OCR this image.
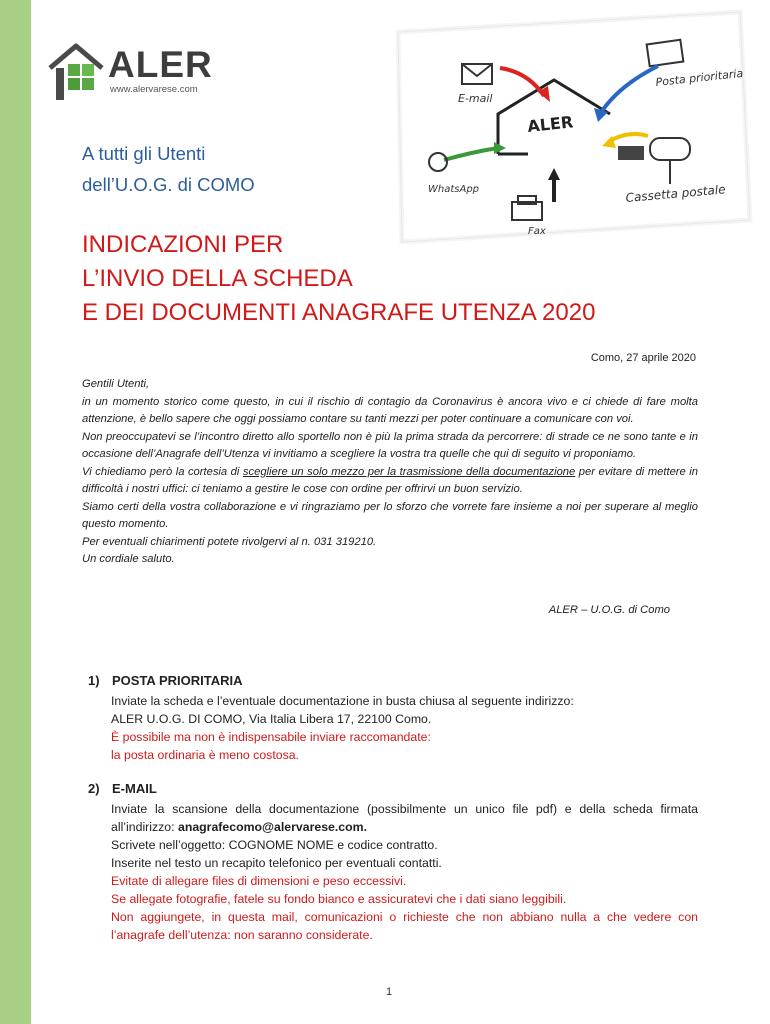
ALER
www.alervarese.com
E-mail
Posta prioritaria
ALER
WhatsApp	Cassetta postale
Fax
A tutti gli Utenti
dell’U.O.G. di COMO
INDICAZIONI PER
L’INVIO DELLA SCHEDA
E DEI DOCUMENTI ANAGRAFE UTENZA 2020
Como, 27 aprile 2020

Gentili Utenti,

in un momento storico come questo, in cui il rischio di contagio da Coronavirus è ancora vivo e ci chiede di fare molta attenzione, è bello sapere che oggi possiamo contare su tanti mezzi per poter continuare a comunicare con voi.

Non preoccupatevi se l’incontro diretto allo sportello non è più la prima strada da percorrere: di strade ce ne sono tante e in occasione dell’Anagrafe dell’Utenza vi invitiamo a scegliere la vostra tra quelle che qui di seguito vi proponiamo.

Vi chiediamo però la cortesia di scegliere un solo mezzo per la trasmissione della documentazione per evitare di mettere in difficoltà i nostri uffici: ci teniamo a gestire le cose con ordine per offrirvi un buon servizio.

Siamo certi della vostra collaborazione e vi ringraziamo per lo sforzo che vorrete fare insieme a noi per superare al meglio questo momento.

Per eventuali chiarimenti potete rivolgervi al n. 031 319210.

Un cordiale saluto.

ALER – U.O.G. di Como
1) POSTA PRIORITARIA

Inviate la scheda e l’eventuale documentazione in busta chiusa al seguente indirizzo:

ALER U.O.G. DI COMO, Via Italia Libera 17, 22100 Como.

È possibile ma non è indispensabile inviare raccomandate:

la posta ordinaria è meno costosa.

2) E-MAIL

Inviate la scansione della documentazione (possibilmente un unico file pdf) e della scheda firmata all’indirizzo: anagrafecomo@alervarese.com.

Scrivete nell’oggetto: COGNOME NOME e codice contratto.

Inserite nel testo un recapito telefonico per eventuali contatti.

Evitate di allegare files di dimensioni e peso eccessivi.

Se allegate fotografie, fatele su fondo bianco e assicuratevi che i dati siano leggibili.

Non aggiungete, in questa mail, comunicazioni o richieste che non abbiano nulla a che vedere con l’anagrafe dell’utenza: non saranno considerate.

1
